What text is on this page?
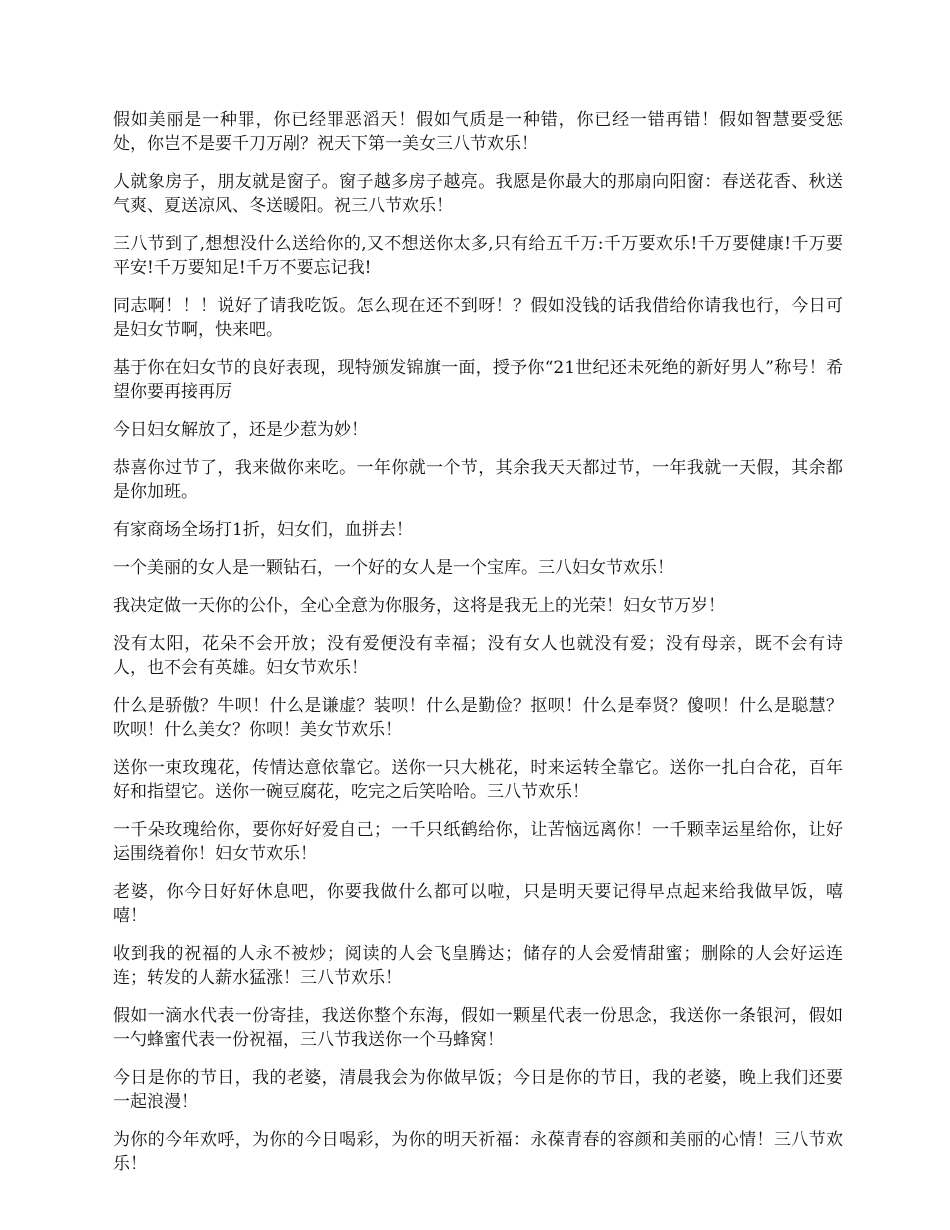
假如美丽是一种罪，你已经罪恶滔天！假如气质是一种错，你已经一错再错！假如智慧要受惩处，你岂不是要千刀万剐？祝天下第一美女三八节欢乐！

人就象房子，朋友就是窗子。窗子越多房子越亮。我愿是你最大的那扇向阳窗：春送花香、秋送气爽、夏送凉风、冬送暖阳。祝三八节欢乐！

三八节到了,想想没什么送给你的,又不想送你太多,只有给五千万:千万要欢乐!千万要健康!千万要平安!千万要知足!千万不要忘记我!

同志啊！！！说好了请我吃饭。怎么现在还不到呀！？假如没钱的话我借给你请我也行，今日可是妇女节啊，快来吧。

基于你在妇女节的良好表现，现特颁发锦旗一面，授予你“21世纪还未死绝的新好男人”称号！希望你要再接再厉

今日妇女解放了，还是少惹为妙！

恭喜你过节了，我来做你来吃。一年你就一个节，其余我天天都过节，一年我就一天假，其余都是你加班。

有家商场全场打1折，妇女们，血拼去！

一个美丽的女人是一颗钻石，一个好的女人是一个宝库。三八妇女节欢乐！

我决定做一天你的公仆，全心全意为你服务，这将是我无上的光荣！妇女节万岁！

没有太阳，花朵不会开放；没有爱便没有幸福；没有女人也就没有爱；没有母亲，既不会有诗人，也不会有英雄。妇女节欢乐！

什么是骄傲？牛呗！什么是谦虚？装呗！什么是勤俭？抠呗！什么是奉贤？傻呗！什么是聪慧？吹呗！什么美女？你呗！美女节欢乐！

送你一束玫瑰花，传情达意依靠它。送你一只大桃花，时来运转全靠它。送你一扎白合花，百年好和指望它。送你一碗豆腐花，吃完之后笑哈哈。三八节欢乐！

一千朵玫瑰给你，要你好好爱自己；一千只纸鹤给你，让苦恼远离你！一千颗幸运星给你，让好运围绕着你！妇女节欢乐！

老婆，你今日好好休息吧，你要我做什么都可以啦，只是明天要记得早点起来给我做早饭，嘻嘻！

收到我的祝福的人永不被炒；阅读的人会飞皇腾达；储存的人会爱情甜蜜；删除的人会好运连连；转发的人薪水猛涨！三八节欢乐！

假如一滴水代表一份寄挂，我送你整个东海，假如一颗星代表一份思念，我送你一条银河，假如一勺蜂蜜代表一份祝福，三八节我送你一个马蜂窝！

今日是你的节日，我的老婆，清晨我会为你做早饭；今日是你的节日，我的老婆，晚上我们还要一起浪漫！

为你的今年欢呼，为你的今日喝彩，为你的明天祈福：永葆青春的容颜和美丽的心情！三八节欢乐！
